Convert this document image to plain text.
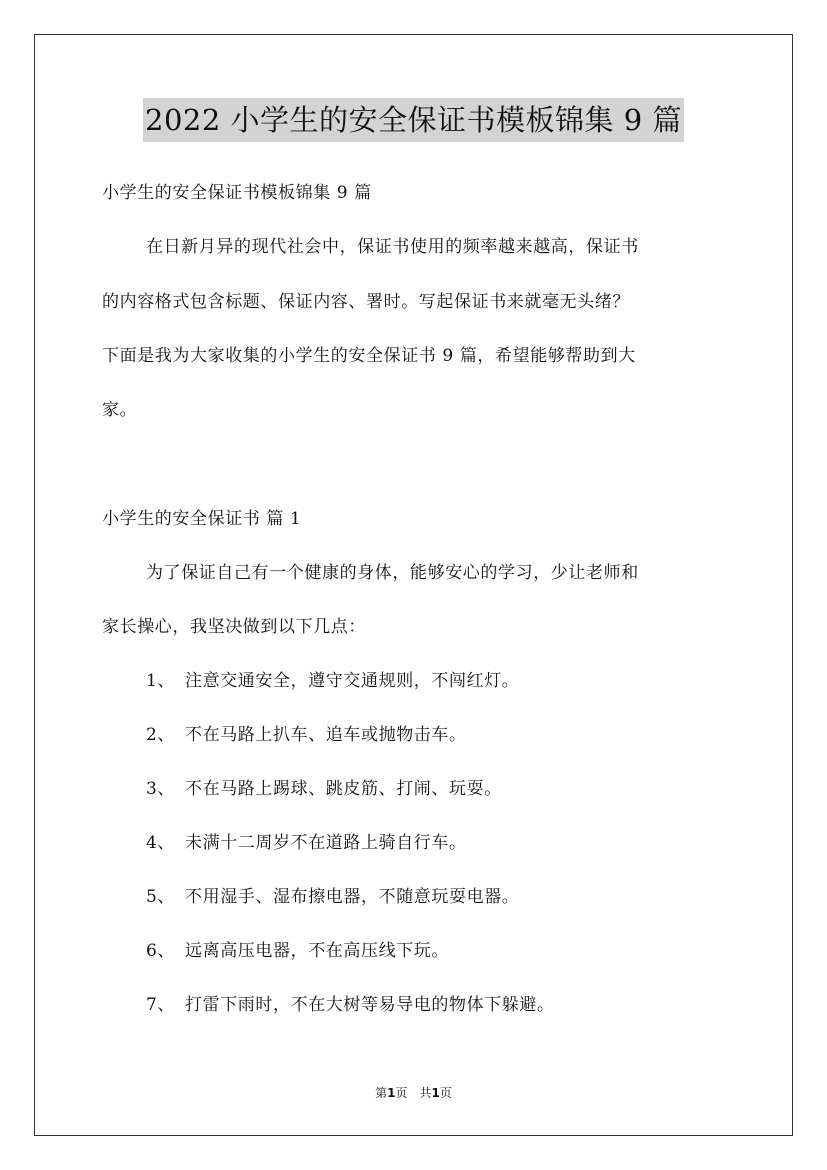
2022 小学生的安全保证书模板锦集 9 篇
小学生的安全保证书模板锦集 9 篇
在日新月异的现代社会中，保证书使用的频率越来越高，保证书
的内容格式包含标题、保证内容、署时。写起保证书来就毫无头绪？
下面是我为大家收集的小学生的安全保证书 9 篇，希望能够帮助到大
家。
小学生的安全保证书 篇 1
为了保证自己有一个健康的身体，能够安心的学习，少让老师和
家长操心，我坚决做到以下几点：
1、 注意交通安全，遵守交通规则，不闯红灯。
2、 不在马路上扒车、追车或抛物击车。
3、 不在马路上踢球、跳皮筋、打闹、玩耍。
4、 未满十二周岁不在道路上骑自行车。
5、 不用湿手、湿布擦电器，不随意玩耍电器。
6、 远离高压电器，不在高压线下玩。
7、 打雷下雨时，不在大树等易导电的物体下躲避。
第1页　共1页
